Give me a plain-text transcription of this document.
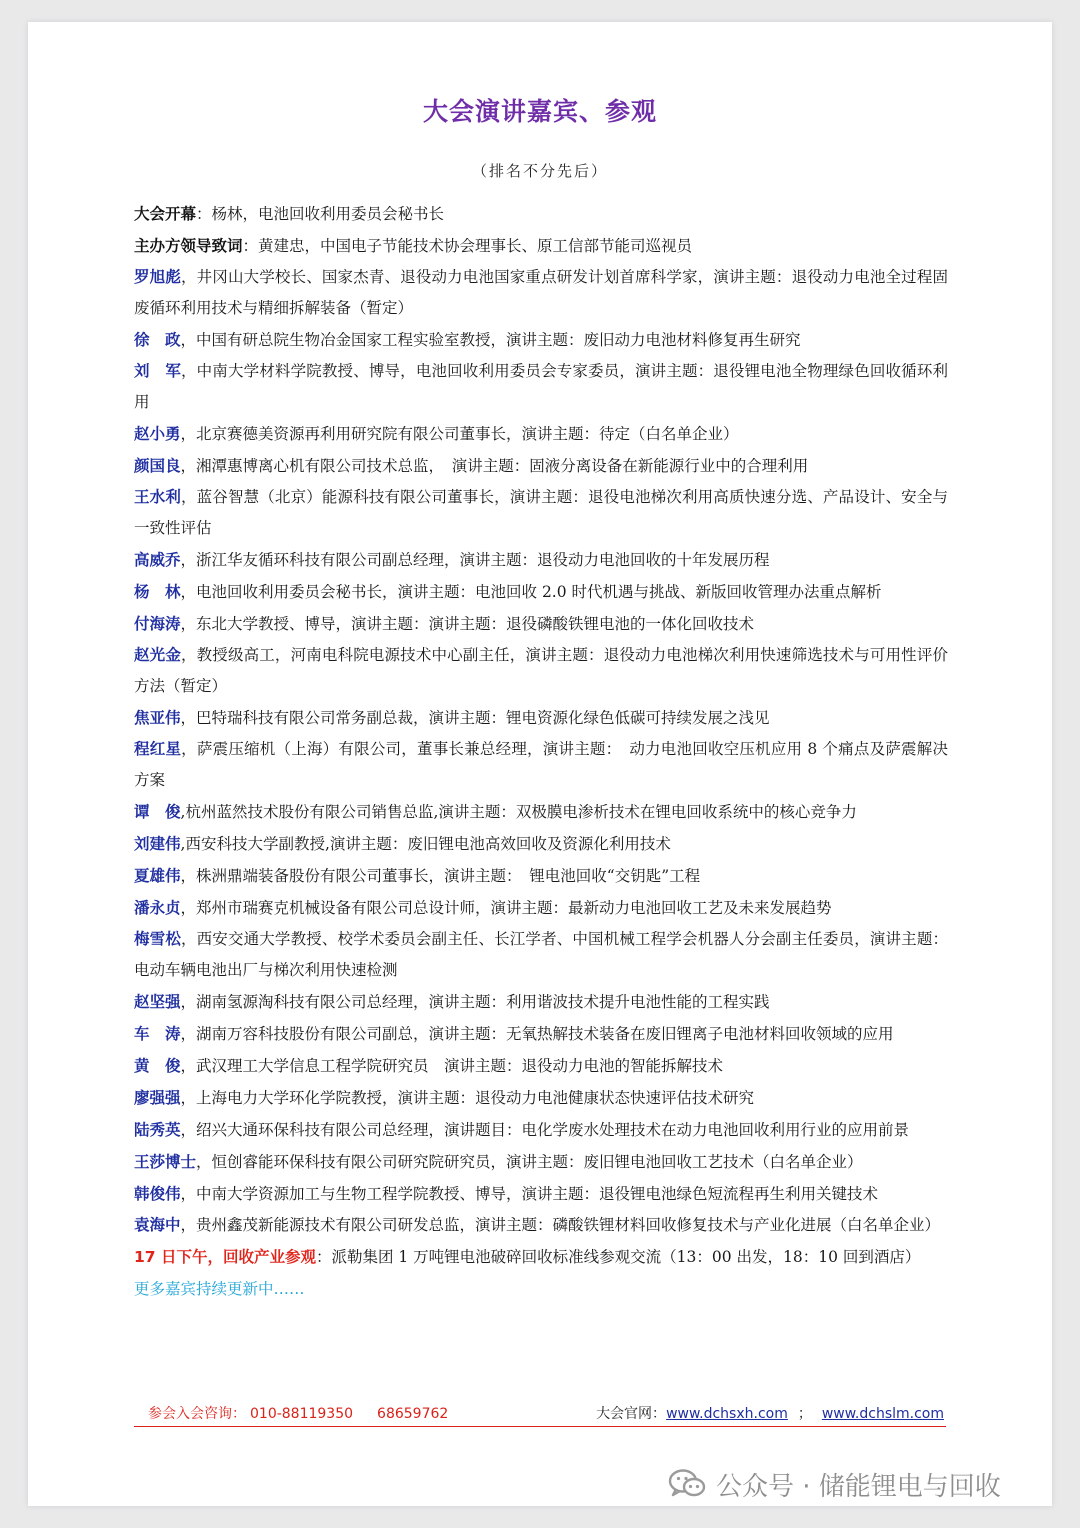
大会演讲嘉宾、参观
（排名不分先后）

大会开幕：杨林，电池回收利用委员会秘书长

主办方领导致词：黄建忠，中国电子节能技术协会理事长、原工信部节能司巡视员

罗旭彪，井冈山大学校长、国家杰青、退役动力电池国家重点研发计划首席科学家，演讲主题：退役动力电池全过程固废循环利用技术与精细拆解装备（暂定）

徐　政，中国有研总院生物冶金国家工程实验室教授，演讲主题：废旧动力电池材料修复再生研究

刘　军，中南大学材料学院教授、博导，电池回收利用委员会专家委员，演讲主题：退役锂电池全物理绿色回收循环利用

赵小勇，北京赛德美资源再利用研究院有限公司董事长，演讲主题：待定（白名单企业）

颜国良，湘潭惠博离心机有限公司技术总监，　演讲主题：固液分离设备在新能源行业中的合理利用

王水利，蓝谷智慧（北京）能源科技有限公司董事长，演讲主题：退役电池梯次利用高质快速分选、产品设计、安全与一致性评估

高威乔，浙江华友循环科技有限公司副总经理，演讲主题：退役动力电池回收的十年发展历程

杨　林，电池回收利用委员会秘书长，演讲主题：电池回收 2.0 时代机遇与挑战、新版回收管理办法重点解析

付海涛，东北大学教授、博导，演讲主题：演讲主题：退役磷酸铁锂电池的一体化回收技术

赵光金，教授级高工，河南电科院电源技术中心副主任，演讲主题：退役动力电池梯次利用快速筛选技术与可用性评价方法（暂定）

焦亚伟，巴特瑞科技有限公司常务副总裁，演讲主题：锂电资源化绿色低碳可持续发展之浅见

程红星，萨震压缩机（上海）有限公司，董事长兼总经理，演讲主题：　动力电池回收空压机应用 8 个痛点及萨震解决方案

谭　俊,杭州蓝然技术股份有限公司销售总监,演讲主题：双极膜电渗析技术在锂电回收系统中的核心竞争力

刘建伟,西安科技大学副教授,演讲主题：废旧锂电池高效回收及资源化利用技术

夏雄伟，株洲鼎端装备股份有限公司董事长，演讲主题：　锂电池回收“交钥匙”工程

潘永贞，郑州市瑞赛克机械设备有限公司总设计师，演讲主题：最新动力电池回收工艺及未来发展趋势

梅雪松，西安交通大学教授、校学术委员会副主任、长江学者、中国机械工程学会机器人分会副主任委员，演讲主题：电动车辆电池出厂与梯次利用快速检测

赵坚强，湖南氢源淘科技有限公司总经理，演讲主题：利用谐波技术提升电池性能的工程实践

车　涛，湖南万容科技股份有限公司副总，演讲主题：无氧热解技术装备在废旧锂离子电池材料回收领域的应用

黄　俊，武汉理工大学信息工程学院研究员　演讲主题：退役动力电池的智能拆解技术

廖强强，上海电力大学环化学院教授，演讲主题：退役动力电池健康状态快速评估技术研究

陆秀英，绍兴大通环保科技有限公司总经理，演讲题目：电化学废水处理技术在动力电池回收利用行业的应用前景

王莎博士，恒创睿能环保科技有限公司研究院研究员，演讲主题：废旧锂电池回收工艺技术（白名单企业）

韩俊伟，中南大学资源加工与生物工程学院教授、博导，演讲主题：退役锂电池绿色短流程再生利用关键技术

袁海中，贵州鑫茂新能源技术有限公司研发总监，演讲主题：磷酸铁锂材料回收修复技术与产业化进展（白名单企业）

17 日下午，回收产业参观：派勒集团 1 万吨锂电池破碎回收标准线参观交流（13：00 出发，18：10 回到酒店）

更多嘉宾持续更新中……

参会入会咨询： 010-88119350 68659762	大会官网：www.dchsxh.com ； www.dchslm.com
公众号 · 储能锂电与回收
